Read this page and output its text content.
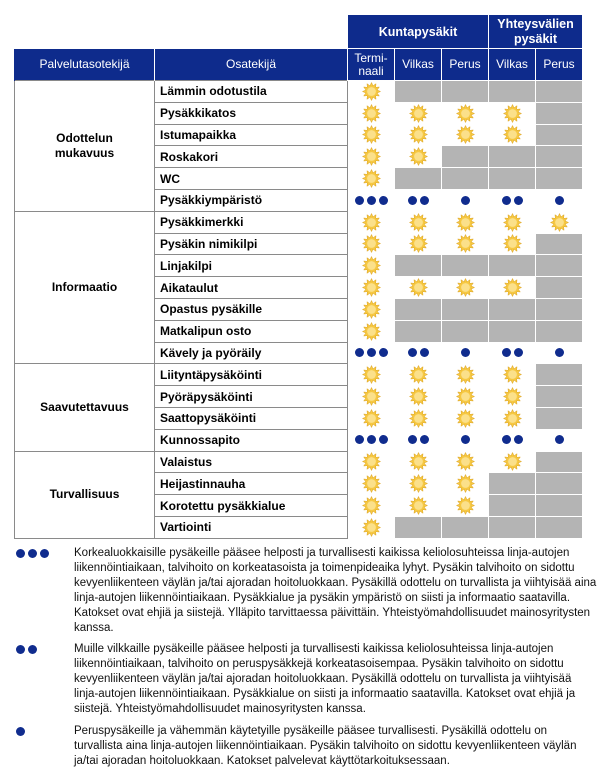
		Kuntapysäkit			Yhteysvälien
pysäkit	

Palvelutasotekijä	Osatekijä	Termi-
naali	Vilkas	Perus	Vilkas	Perus
Odottelun
mukavuus	Lämmin odotustila					
	Pysäkkikatos					
	Istumapaikka					
	Roskakori					
	WC					
	Pysäkkiympäristö					
Informaatio	Pysäkkimerkki					
	Pysäkin nimikilpi					
	Linjakilpi					
	Aikataulut					
	Opastus pysäkille					
	Matkalipun osto					
	Kävely ja pyöräily					
Saavutettavuus	Liityntäpysäköinti					
	Pyöräpysäköinti					
	Saattopysäköinti					
	Kunnossapito					
Turvallisuus	Valaistus					
	Heijastinnauha					
	Korotettu pysäkkialue					
	Vartiointi					
Korkealuokkaisille pysäkeille pääsee helposti ja turvallisesti kaikissa keliolosuhteissa linja-autojen liikennöintiaikaan, talvihoito on korkeatasoista ja toimenpideaika lyhyt. Pysäkin talvihoito on sidottu kevyenliikenteen väylän ja/tai ajoradan hoitoluokkaan. Pysäkillä odottelu on turvallista ja viihtyisää aina linja-autojen liikennöintiaikaan. Pysäkkialue ja pysäkin ympäristö on siisti ja informaatio saatavilla. Katokset ovat ehjiä ja siistejä. Ylläpito tarvittaessa päivittäin. Yhteistyömahdollisuudet mainosyritysten kanssa.
Muille vilkkaille pysäkeille pääsee helposti ja turvallisesti kaikissa keliolosuhteissa linja-autojen liikennöintiaikaan, talvihoito on peruspysäkkejä korkeatasoisempaa. Pysäkin talvihoito on sidottu kevyenliikenteen väylän ja/tai ajoradan hoitoluokkaan. Pysäkillä odottelu on turvallista ja viihtyisää linja-autojen liikennöintiaikaan. Pysäkkialue on siisti ja informaatio saatavilla. Katokset ovat ehjiä ja siistejä. Yhteistyömahdollisuudet mainosyritysten kanssa.
Peruspysäkeille ja vähemmän käytetyille pysäkeille pääsee turvallisesti. Pysäkillä odottelu on turvallista aina linja-autojen liikennöintiaikaan. Pysäkin talvihoito on sidottu kevyenliikenteen väylän ja/tai ajoradan hoitoluokkaan. Katokset palvelevat käyttötarkoituksessaan.
